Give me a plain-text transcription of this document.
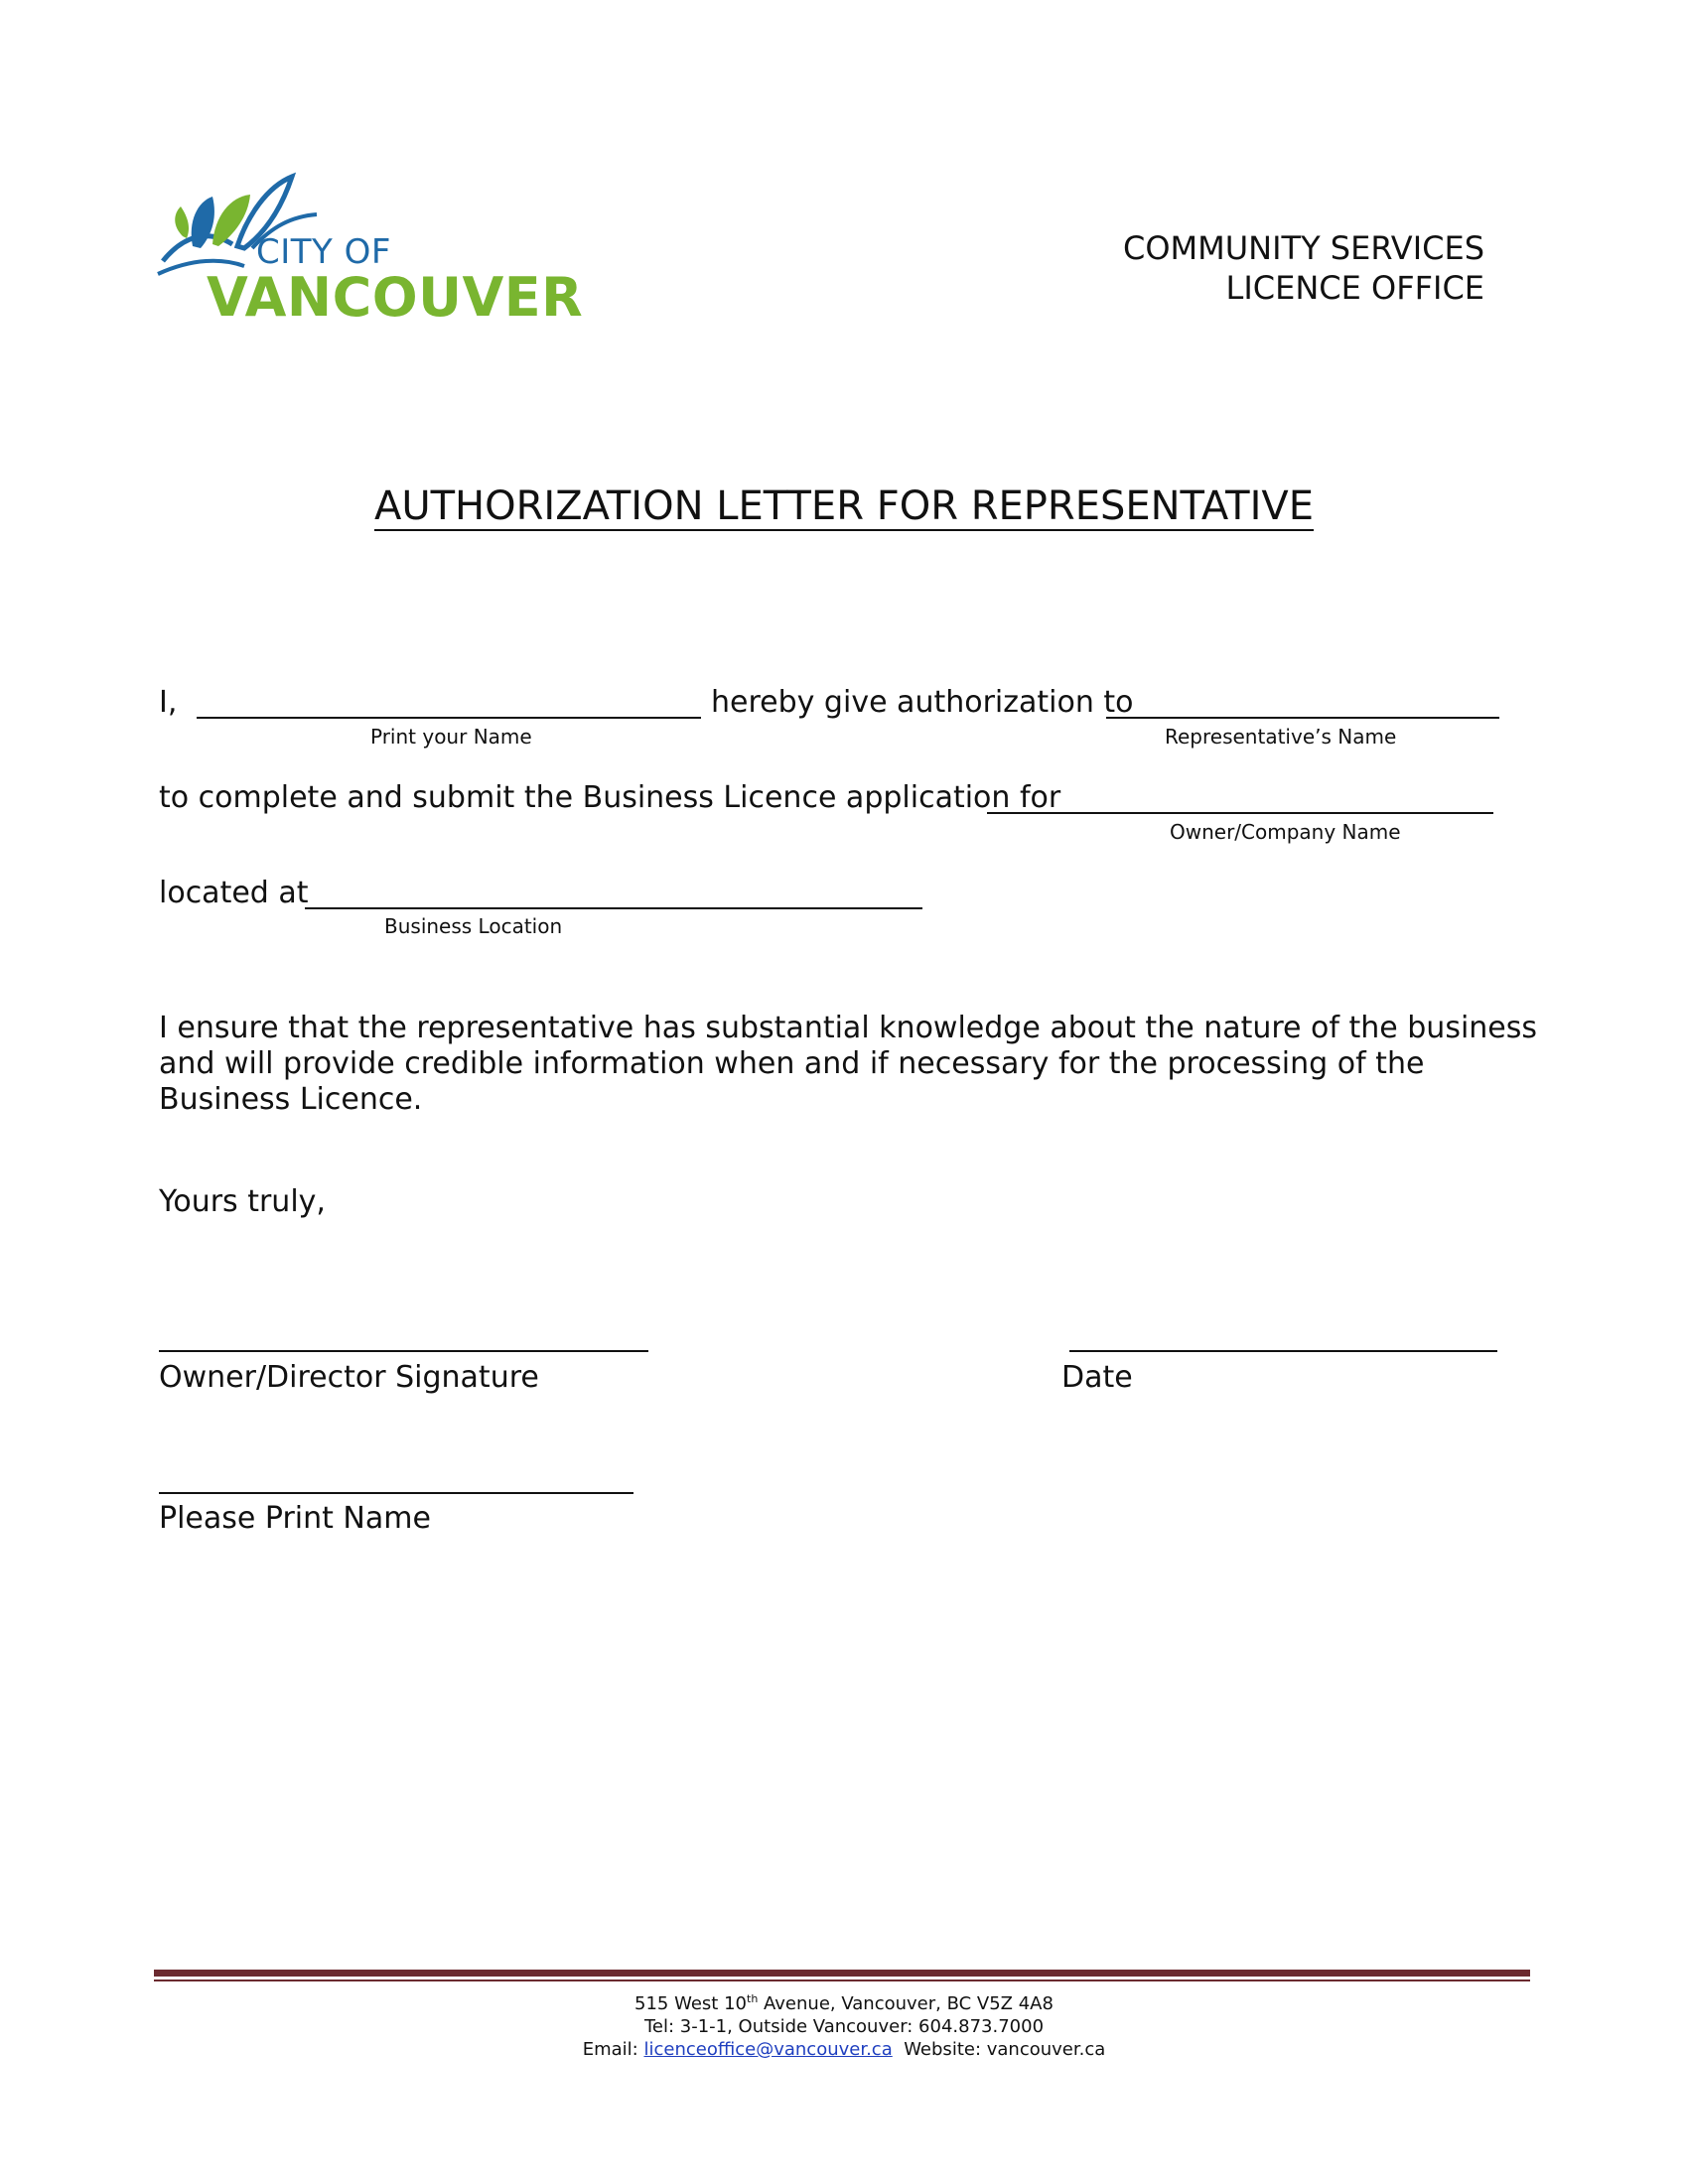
CITY OF
VANCOUVER
COMMUNITY SERVICES
LICENCE OFFICE
AUTHORIZATION LETTER FOR REPRESENTATIVE
I,	hereby give authorization to
Print your Name	Representative’s Name
to complete and submit the Business Licence application for
Owner/Company Name
located at
Business Location
I ensure that the representative has substantial knowledge about the nature of the business and will provide credible information when and if necessary for the processing of the Business Licence.
Yours truly,
Owner/Director Signature	Date
Please Print Name
515 West 10th Avenue, Vancouver, BC V5Z 4A8
Tel: 3-1-1, Outside Vancouver: 604.873.7000
Email: licenceoffice@vancouver.ca  Website: vancouver.ca
